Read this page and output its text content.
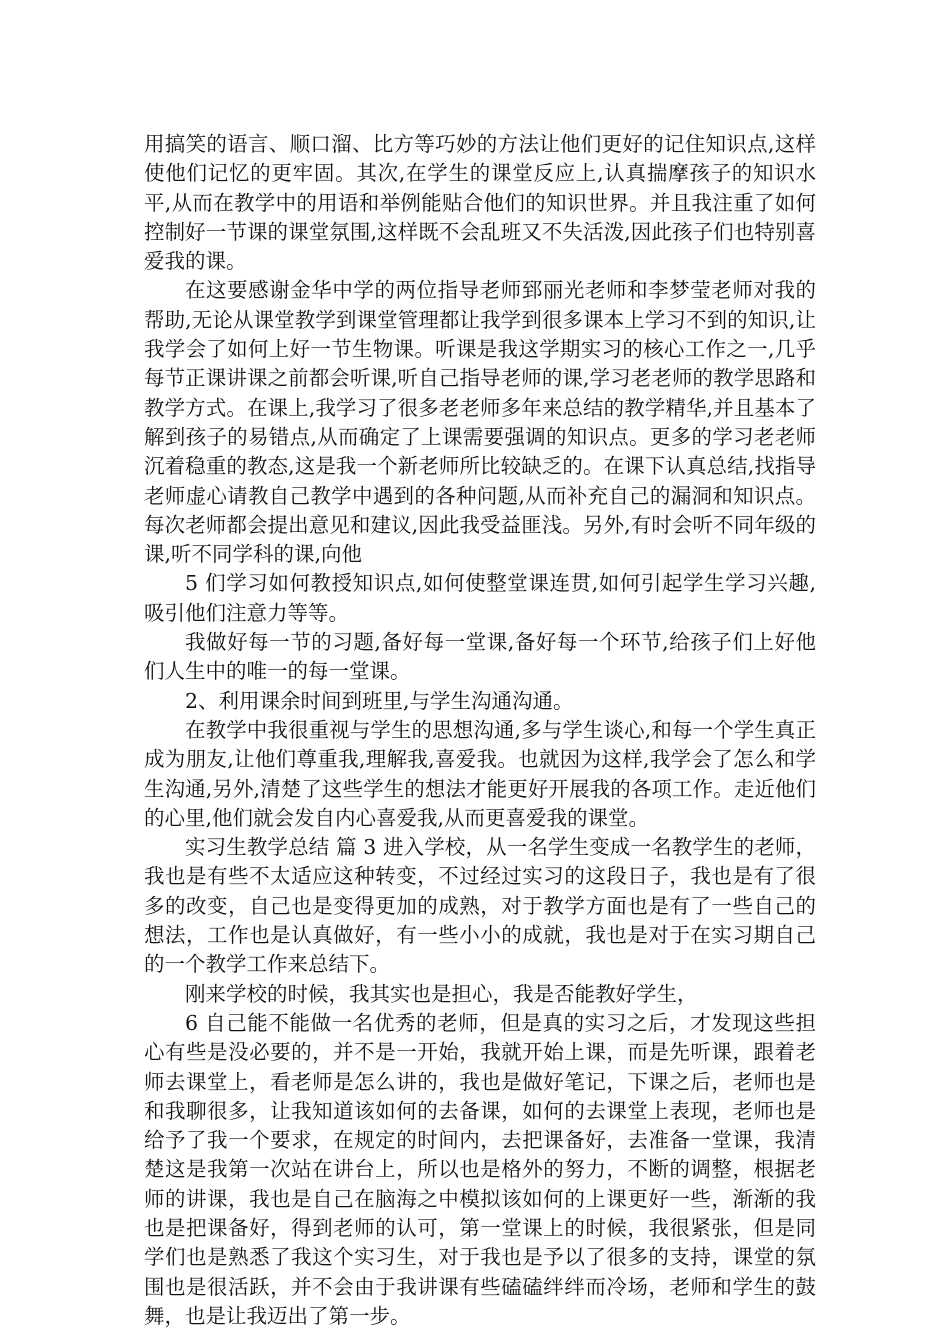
用搞笑的语言、顺口溜、比方等巧妙的方法让他们更好的记住知识点,这样使他们记忆的更牢固。其次,在学生的课堂反应上,认真揣摩孩子的知识水平,从而在教学中的用语和举例能贴合他们的知识世界。并且我注重了如何控制好一节课的课堂氛围,这样既不会乱班又不失活泼,因此孩子们也特别喜爱我的课。

在这要感谢金华中学的两位指导老师郅丽光老师和李梦莹老师对我的帮助,无论从课堂教学到课堂管理都让我学到很多课本上学习不到的知识,让我学会了如何上好一节生物课。听课是我这学期实习的核心工作之一,几乎每节正课讲课之前都会听课,听自己指导老师的课,学习老老师的教学思路和教学方式。在课上,我学习了很多老老师多年来总结的教学精华,并且基本了解到孩子的易错点,从而确定了上课需要强调的知识点。更多的学习老老师沉着稳重的教态,这是我一个新老师所比较缺乏的。在课下认真总结,找指导老师虚心请教自己教学中遇到的各种问题,从而补充自己的漏洞和知识点。每次老师都会提出意见和建议,因此我受益匪浅。另外,有时会听不同年级的课,听不同学科的课,向他

5 们学习如何教授知识点,如何使整堂课连贯,如何引起学生学习兴趣,吸引他们注意力等等。

我做好每一节的习题,备好每一堂课,备好每一个环节,给孩子们上好他们人生中的唯一的每一堂课。

2、利用课余时间到班里,与学生沟通沟通。

在教学中我很重视与学生的思想沟通,多与学生谈心,和每一个学生真正成为朋友,让他们尊重我,理解我,喜爱我。也就因为这样,我学会了怎么和学生沟通,另外,清楚了这些学生的想法才能更好开展我的各项工作。走近他们的心里,他们就会发自内心喜爱我,从而更喜爱我的课堂。

实习生教学总结 篇 3 进入学校，从一名学生变成一名教学生的老师，我也是有些不太适应这种转变，不过经过实习的这段日子，我也是有了很多的改变，自己也是变得更加的成熟，对于教学方面也是有了一些自己的想法，工作也是认真做好，有一些小小的成就，我也是对于在实习期自己的一个教学工作来总结下。

刚来学校的时候，我其实也是担心，我是否能教好学生，

6 自己能不能做一名优秀的老师，但是真的实习之后，才发现这些担心有些是没必要的，并不是一开始，我就开始上课，而是先听课，跟着老师去课堂上，看老师是怎么讲的，我也是做好笔记，下课之后，老师也是和我聊很多，让我知道该如何的去备课，如何的去课堂上表现，老师也是给予了我一个要求，在规定的时间内，去把课备好，去准备一堂课，我清楚这是我第一次站在讲台上，所以也是格外的努力，不断的调整，根据老师的讲课，我也是自己在脑海之中模拟该如何的上课更好一些，渐渐的我也是把课备好，得到老师的认可，第一堂课上的时候，我很紧张，但是同学们也是熟悉了我这个实习生，对于我也是予以了很多的支持，课堂的氛围也是很活跃，并不会由于我讲课有些磕磕绊绊而冷场，老师和学生的鼓舞，也是让我迈出了第一步。
